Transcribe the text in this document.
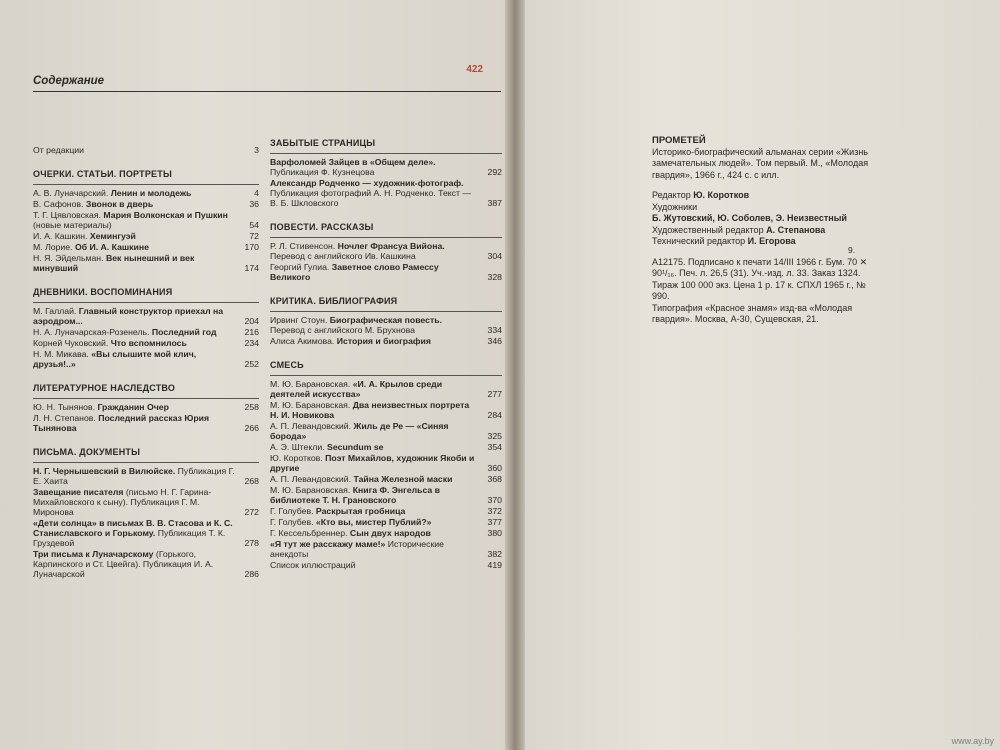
Содержание
422
От редакции	3
ОЧЕРКИ. СТАТЬИ. ПОРТРЕТЫ
А. В. Луначарский. Ленин и молодежь	4
В. Сафонов. Звонок в дверь	36
Т. Г. Цявловская. Мария Волконская и Пушкин (новые материалы)	54
И. А. Кашкин. Хемингуэй	72
М. Лорие. Об И. А. Кашкине	170
Н. Я. Эйдельман. Век нынешний и век минувший	174
ДНЕВНИКИ. ВОСПОМИНАНИЯ
М. Галлай. Главный конструктор приехал на аэродром...	204
Н. А. Луначарская-Розенель. Последний год	216
Корней Чуковский. Что вспомнилось	234
Н. М. Микава. «Вы слышите мой клич, друзья!..»	252
ЛИТЕРАТУРНОЕ НАСЛЕДСТВО
Ю. Н. Тынянов. Гражданин Очер	258
Л. Н. Степанов. Последний рассказ Юрия Тынянова	266
ПИСЬМА. ДОКУМЕНТЫ
Н. Г. Чернышевский в Вилюйске. Публикация Г. Е. Хаита	268
Завещание писателя (письмо Н. Г. Гарина-Михайловского к сыну). Публикация Г. М. Миронова	272
«Дети солнца» в письмах В. В. Стасова и К. С. Станиславского и Горькому. Публикация Т. К. Груздевой	278
Три письма к Луначарскому (Горького, Карпинского и Ст. Цвейга). Публикация И. А. Луначарской	286
ЗАБЫТЫЕ СТРАНИЦЫ
Варфоломей Зайцев в «Общем деле». Публикация Ф. Кузнецова	292
Александр Родченко — художник-фотограф. Публикация фотографий А. Н. Родченко. Текст — В. Б. Шкловского	387
ПОВЕСТИ. РАССКАЗЫ
Р. Л. Стивенсон. Ночлег Франсуа Вийона. Перевод с английского Ив. Кашкина	304
Георгий Гулиа. Заветное слово Рамессу Великого	328
КРИТИКА. БИБЛИОГРАФИЯ
Ирвинг Стоун. Биографическая повесть. Перевод с английского М. Брухнова	334
Алиса Акимова. История и биография	346
СМЕСЬ
М. Ю. Барановская. «И. А. Крылов среди деятелей искусства»	277
М. Ю. Барановская. Два неизвестных портрета Н. И. Новикова	284
А. П. Левандовский. Жиль де Ре — «Синяя борода»	325
А. Э. Штекли. Secundum se	354
Ю. Коротков. Поэт Михайлов, художник Якоби и другие	360
А. П. Левандовский. Тайна Железной маски	368
М. Ю. Барановская. Книга Ф. Энгельса в библиотеке Т. Н. Грановского	370
Г. Голубев. Раскрытая гробница	372
Г. Голубев. «Кто вы, мистер Публий?»	377
Г. Кессельбреннер. Сын двух народов	380
«Я тут же расскажу маме!» Исторические анекдоты	382
Список иллюстраций	419

ПРОМЕТЕЙ

Историко-биографический альманах серии «Жизнь замечательных людей». Том первый. М., «Молодая гвардия», 1966 г., 424 с. с илл.

Редактор Ю. Коротков

Художники

Б. Жутовский, Ю. Соболев, Э. Неизвестный

Художественный редактор А. Степанова

Технический редактор И. Егорова

А12175. Подписано к печати 14/III 1966 г. Бум. 70 ✕ 90¹/₁₆. Печ. л. 26,5 (31). Уч.-изд. л. 33. Заказ 1324. Тираж 100 000 экз. Цена 1 р. 17 к. СПХЛ 1965 г., № 990.

Типография «Красное знамя» изд-ва «Молодая гвардия». Москва, А-30, Сущевская, 21.

9.
www.ay.by
